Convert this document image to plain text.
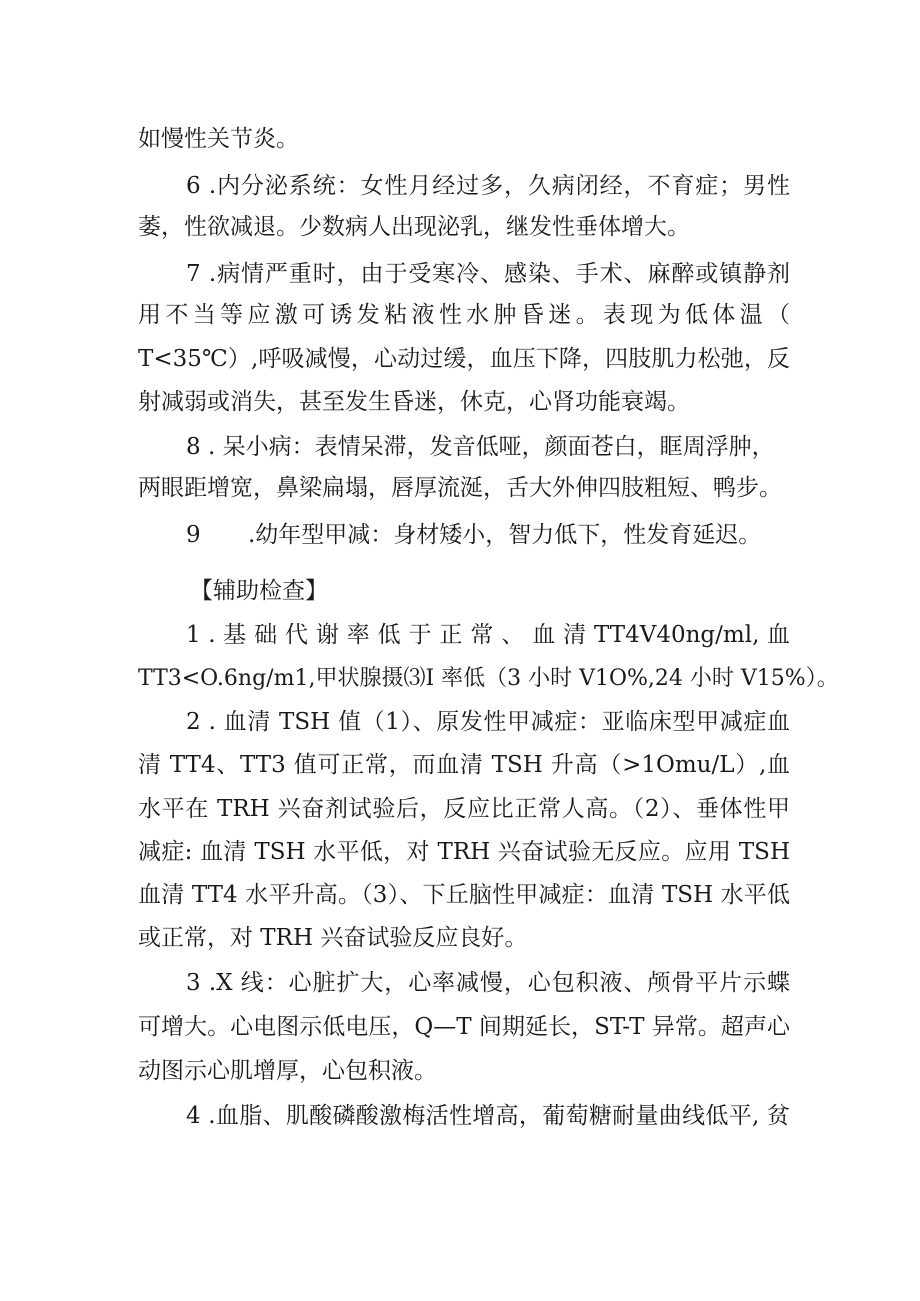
如慢性关节炎。
6 .内分泌系统：女性月经过多，久病闭经，不育症；男性
萎，性欲减退。少数病人出现泌乳，继发性垂体增大。
7 .病情严重时，由于受寒冷、感染、手术、麻醉或镇静剂
用不当等应激可诱发粘液性水肿昏迷。表现为低体温（
T<35℃）,呼吸减慢，心动过缓，血压下降，四肢肌力松弛，反
射减弱或消失，甚至发生昏迷，休克，心肾功能衰竭。
8 . 呆小病：表情呆滞，发音低哑，颜面苍白，眶周浮肿，
两眼距增宽，鼻梁扁塌，唇厚流涎，舌大外伸四肢粗短、鸭步。
9 .幼年型甲减：身材矮小，智力低下，性发育延迟。
【辅助检查】
1 . 基 础 代 谢 率 低 于 正 常 、 血 清 TT4V40ng∕ml, 血
TT3<O.6ng/m1,甲状腺摄⑶I 率低（3 小时 V1O%,24 小时 V15%）。
2 . 血清 TSH 值（1）、原发性甲减症：亚临床型甲减症血
清 TT4、TT3 值可正常，而血清 TSH 升高（>1Omu/L）,血
水平在 TRH 兴奋剂试验后，反应比正常人高。（2）、垂体性甲
减症: 血清 TSH 水平低，对 TRH 兴奋试验无反应。应用 TSH
血清 TT4 水平升高。（3）、下丘脑性甲减症：血清 TSH 水平低
或正常，对 TRH 兴奋试验反应良好。
3 .X 线：心脏扩大，心率减慢，心包积液、颅骨平片示蝶
可增大。心电图示低电压，Q—T 间期延长，ST-T 异常。超声心
动图示心肌增厚，心包积液。
4 .血脂、肌酸磷酸激梅活性增高，葡萄糖耐量曲线低平, 贫
